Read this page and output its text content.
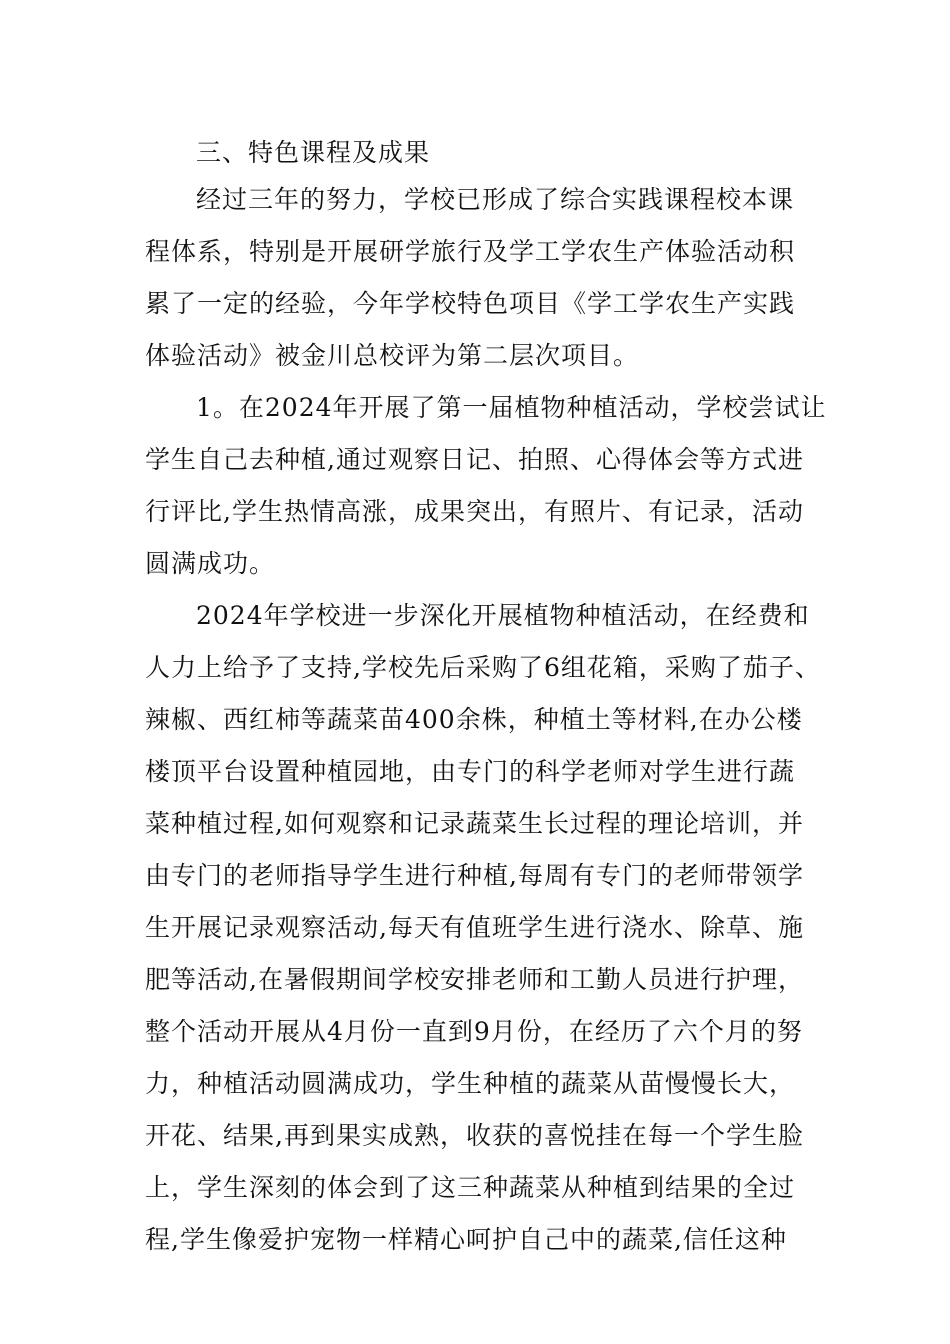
三、特色课程及成果
经过三年的努力，学校已形成了综合实践课程校本课
程体系，特别是开展研学旅行及学工学农生产体验活动积
累了一定的经验，今年学校特色项目《学工学农生产实践
体验活动》被金川总校评为第二层次项目。
1。在2024年开展了第一届植物种植活动，学校尝试让
学生自己去种植,通过观察日记、拍照、心得体会等方式进
行评比,学生热情高涨，成果突出，有照片、有记录，活动
圆满成功。
2024年学校进一步深化开展植物种植活动，在经费和
人力上给予了支持,学校先后采购了6组花箱，采购了茄子、
辣椒、西红柿等蔬菜苗400余株，种植土等材料,在办公楼
楼顶平台设置种植园地，由专门的科学老师对学生进行蔬
菜种植过程,如何观察和记录蔬菜生长过程的理论培训，并
由专门的老师指导学生进行种植,每周有专门的老师带领学
生开展记录观察活动,每天有值班学生进行浇水、除草、施
肥等活动,在暑假期间学校安排老师和工勤人员进行护理，
整个活动开展从4月份一直到9月份，在经历了六个月的努
力，种植活动圆满成功，学生种植的蔬菜从苗慢慢长大，
开花、结果,再到果实成熟，收获的喜悦挂在每一个学生脸
上，学生深刻的体会到了这三种蔬菜从种植到结果的全过
程,学生像爱护宠物一样精心呵护自己中的蔬菜,信任这种
